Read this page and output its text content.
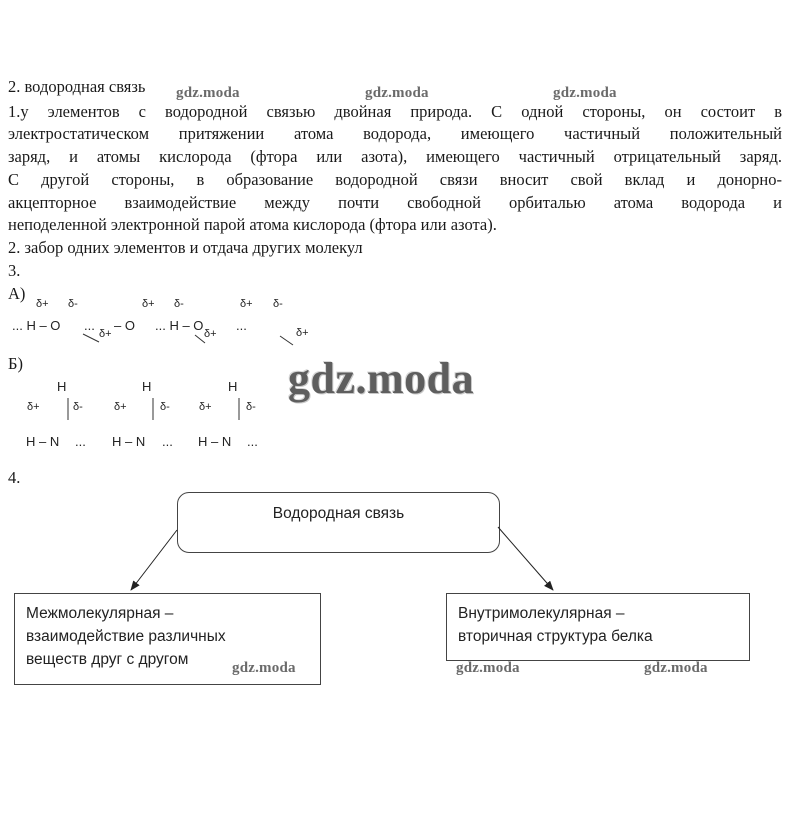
2. водородная связь
1.у элементов с водородной связью двойная природа. С одной стороны, он состоит в
электростатическом притяжении атома водорода, имеющего частичный положительный
заряд, и атомы кислорода (фтора или азота), имеющего частичный отрицательный заряд.
С другой стороны, в образование водородной связи вносит свой вклад и донорно-
акцепторное взаимодействие между почти свободной орбиталью атома водорода и
неподеленной электронной парой атома кислорода (фтора или азота).
2. забор одних элементов и отдача других молекул
3.
А)
δ+ δ-	δ+ δ-	δ+ δ-
... H – O ... – O ... H – O	...
δ+	δ+	δ+
Б)
H	H	H
δ+	δ-	δ+	δ-	δ+	δ-
H – N ... H – N ... H – N ...
4.
Водородная связь
Межмолекулярная –
взаимодействие различных
веществ друг с другом
Внутримолекулярная –
вторичная структура белка
gdz.moda	gdz.moda	gdz.moda
gdz.moda
gdz.moda	gdz.moda	gdz.moda
